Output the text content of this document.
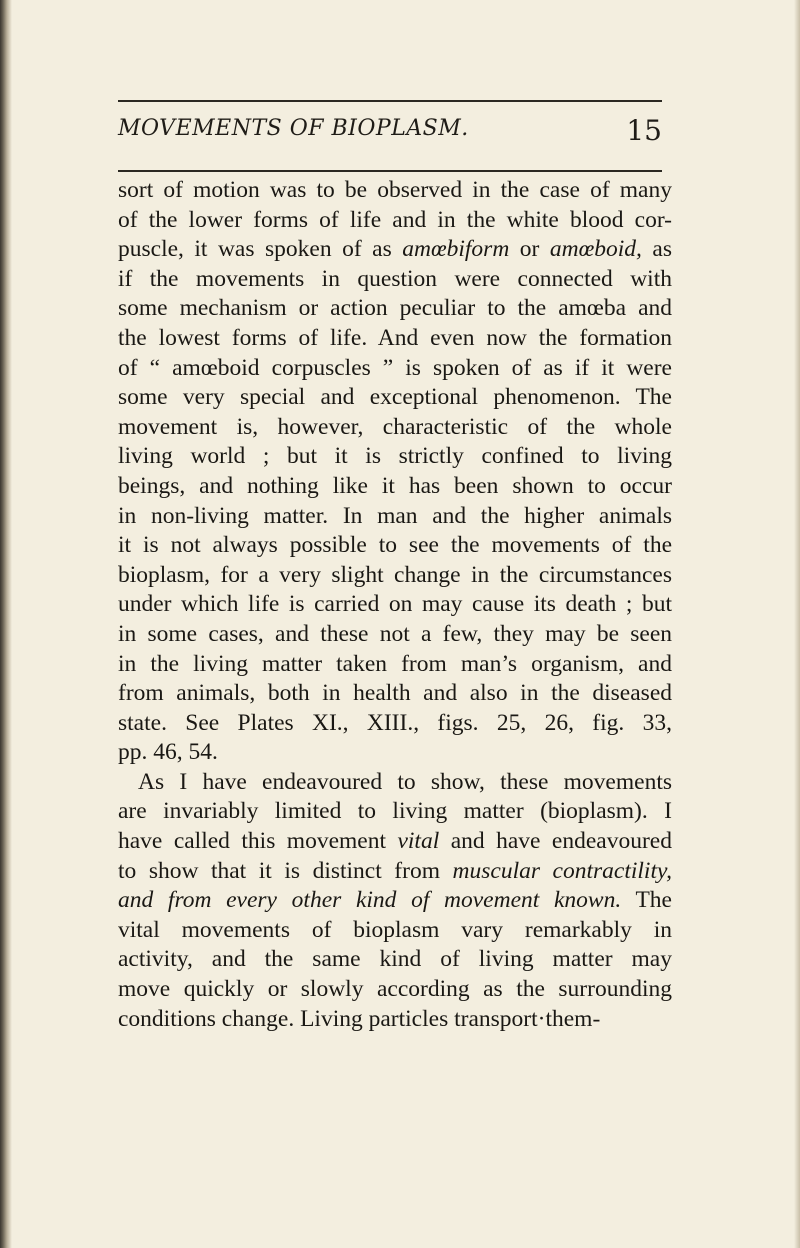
MOVEMENTS OF BIOPLASM.	15
sort of motion was to be observed in the case of many
of the lower forms of life and in the white blood cor-
puscle, it was spoken of as amœbiform or amœboid, as
if the movements in question were connected with
some mechanism or action peculiar to the amœba and
the lowest forms of life. And even now the formation
of “ amœboid corpuscles ” is spoken of as if it were
some very special and exceptional phenomenon. The
movement is, however, characteristic of the whole
living world ; but it is strictly confined to living
beings, and nothing like it has been shown to occur
in non-living matter. In man and the higher animals
it is not always possible to see the movements of the
bioplasm, for a very slight change in the circumstances
under which life is carried on may cause its death ; but
in some cases, and these not a few, they may be seen
in the living matter taken from man’s organism, and
from animals, both in health and also in the diseased
state. See Plates XI., XIII., figs. 25, 26, fig. 33,
pp. 46, 54.
As I have endeavoured to show, these movements
are invariably limited to living matter (bioplasm). I
have called this movement vital and have endeavoured
to show that it is distinct from muscular contractility,
and from every other kind of movement known. The
vital movements of bioplasm vary remarkably in
activity, and the same kind of living matter may
move quickly or slowly according as the surrounding
conditions change. Living particles transport·them-
